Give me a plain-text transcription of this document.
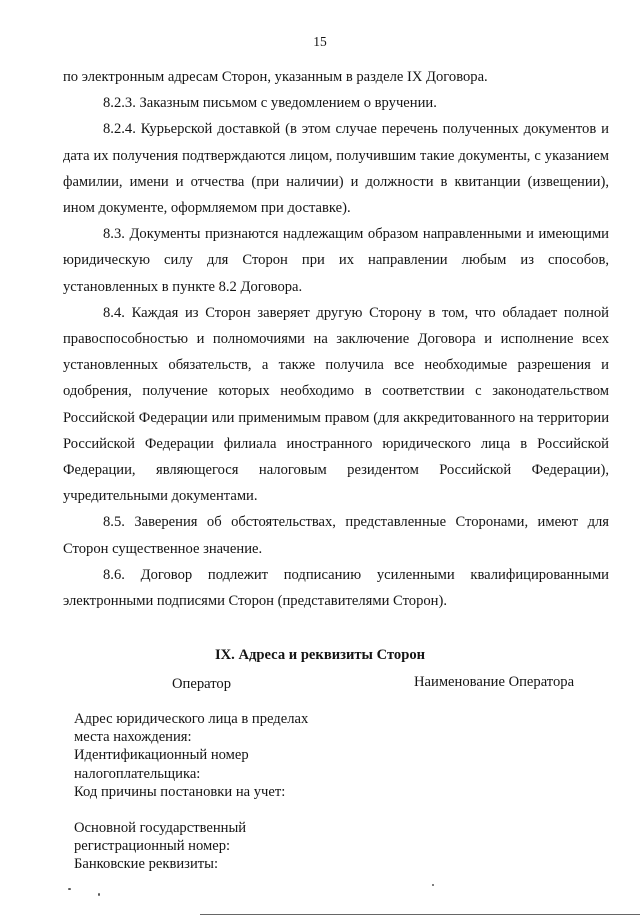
15

по электронным адресам Сторон, указанным в разделе IX Договора.

8.2.3. Заказным письмом с уведомлением о вручении.

8.2.4. Курьерской доставкой (в этом случае перечень полученных документов и дата их получения подтверждаются лицом, получившим такие документы, с указанием фамилии, имени и отчества (при наличии) и должности в квитанции (извещении), ином документе, оформляемом при доставке).

8.3. Документы признаются надлежащим образом направленными и имеющими юридическую силу для Сторон при их направлении любым из способов, установленных в пункте 8.2 Договора.

8.4. Каждая из Сторон заверяет другую Сторону в том, что обладает полной правоспособностью и полномочиями на заключение Договора и исполнение всех установленных обязательств, а также получила все необходимые разрешения и одобрения, получение которых необходимо в соответствии с законодательством Российской Федерации или применимым правом (для аккредитованного на территории Российской Федерации филиала иностранного юридического лица в Российской Федерации, являющегося налоговым резидентом Российской Федерации), учредительными документами.

8.5. Заверения об обстоятельствах, представленные Сторонами, имеют для Сторон существенное значение.

8.6. Договор подлежит подписанию усиленными квалифицированными электронными подписями Сторон (представителями Сторон).

IX. Адреса и реквизиты Сторон
Оператор	Наименование Оператора
Адрес юридического лица в пределах
места нахождения:
Идентификационный номер
налогоплательщика:
Код причины постановки на учет:
Основной государственный
регистрационный номер:
Банковские реквизиты:
